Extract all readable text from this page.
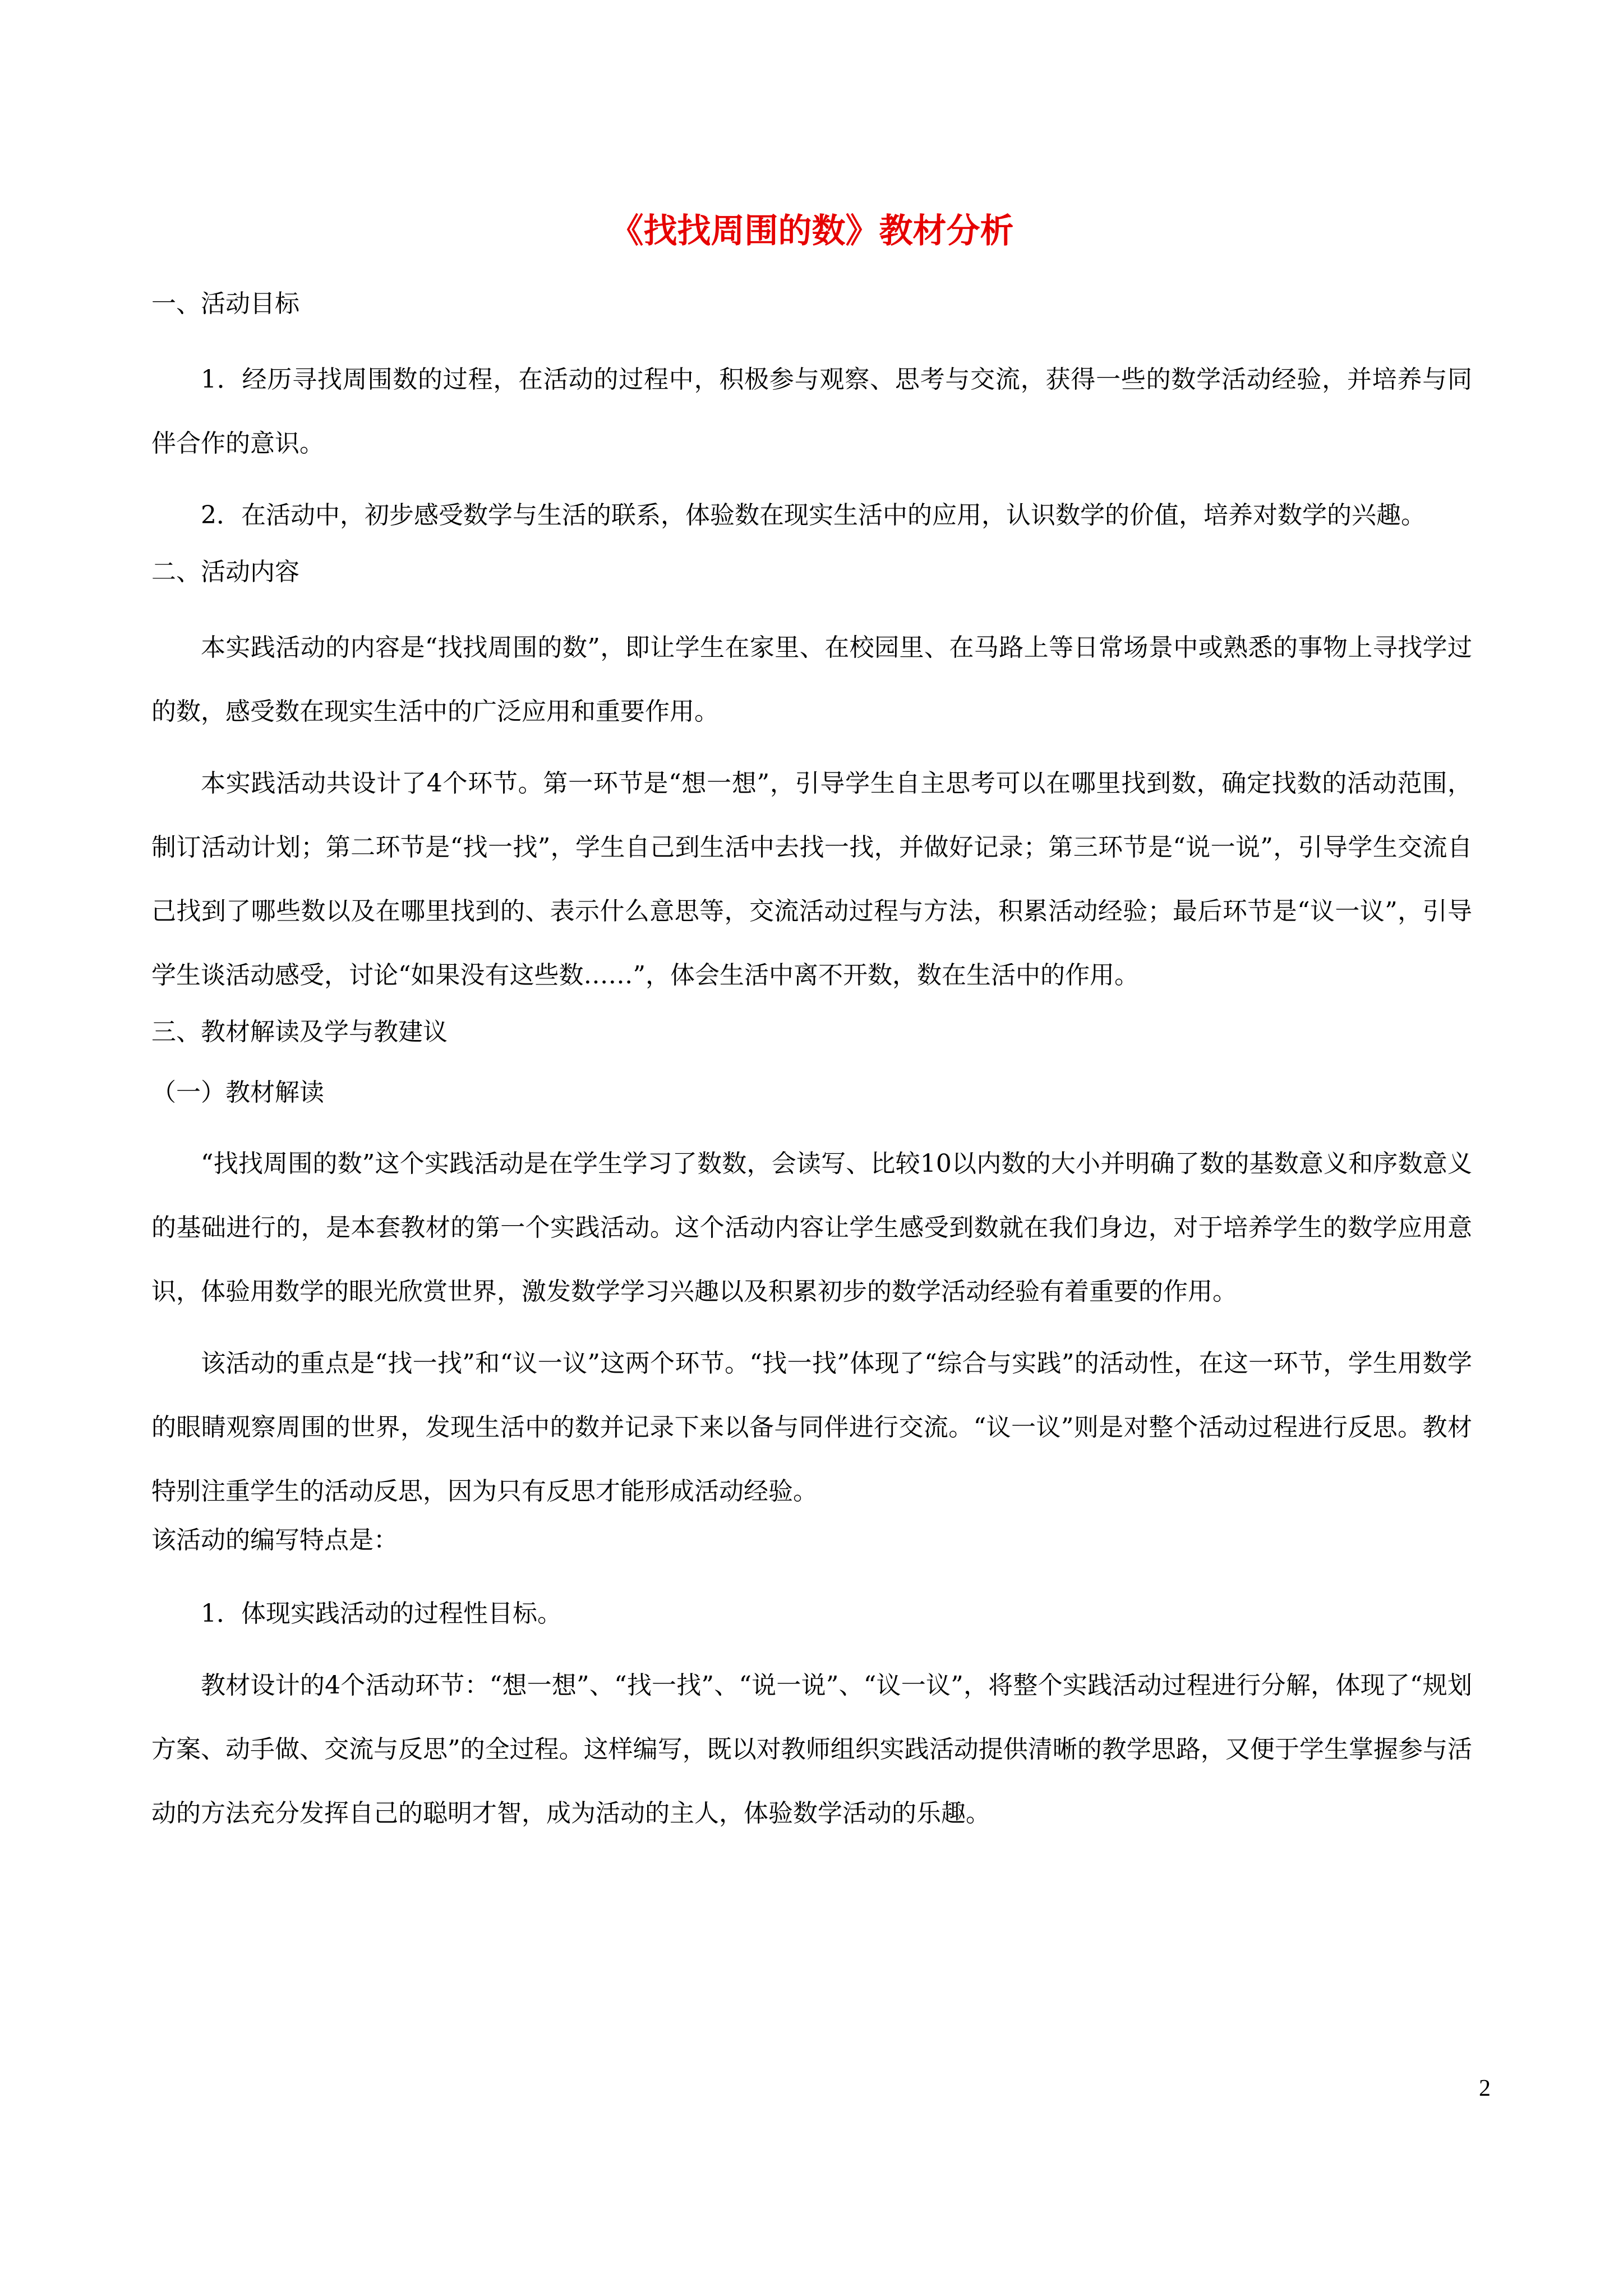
《找找周围的数》教材分析
一、活动目标

1．经历寻找周围数的过程，在活动的过程中，积极参与观察、思考与交流，获得一些的数学活动经验，并培养与同伴合作的意识。

2．在活动中，初步感受数学与生活的联系，体验数在现实生活中的应用，认识数学的价值，培养对数学的兴趣。

二、活动内容

本实践活动的内容是“找找周围的数”，即让学生在家里、在校园里、在马路上等日常场景中或熟悉的事物上寻找学过的数，感受数在现实生活中的广泛应用和重要作用。

本实践活动共设计了4个环节。第一环节是“想一想”，引导学生自主思考可以在哪里找到数，确定找数的活动范围，制订活动计划；第二环节是“找一找”，学生自己到生活中去找一找，并做好记录；第三环节是“说一说”，引导学生交流自己找到了哪些数以及在哪里找到的、表示什么意思等，交流活动过程与方法，积累活动经验；最后环节是“议一议”，引导学生谈活动感受，讨论“如果没有这些数……”，体会生活中离不开数，数在生活中的作用。

三、教材解读及学与教建议
（一）教材解读

“找找周围的数”这个实践活动是在学生学习了数数，会读写、比较10以内数的大小并明确了数的基数意义和序数意义的基础进行的，是本套教材的第一个实践活动。这个活动内容让学生感受到数就在我们身边，对于培养学生的数学应用意识，体验用数学的眼光欣赏世界，激发数学学习兴趣以及积累初步的数学活动经验有着重要的作用。

该活动的重点是“找一找”和“议一议”这两个环节。“找一找”体现了“综合与实践”的活动性，在这一环节，学生用数学的眼睛观察周围的世界，发现生活中的数并记录下来以备与同伴进行交流。“议一议”则是对整个活动过程进行反思。教材特别注重学生的活动反思，因为只有反思才能形成活动经验。

该活动的编写特点是：

1．体现实践活动的过程性目标。

教材设计的4个活动环节：“想一想”、“找一找”、“说一说”、“议一议”，将整个实践活动过程进行分解，体现了“规划方案、动手做、交流与反思”的全过程。这样编写，既以对教师组织实践活动提供清晰的教学思路，又便于学生掌握参与活动的方法充分发挥自己的聪明才智，成为活动的主人，体验数学活动的乐趣。

2
